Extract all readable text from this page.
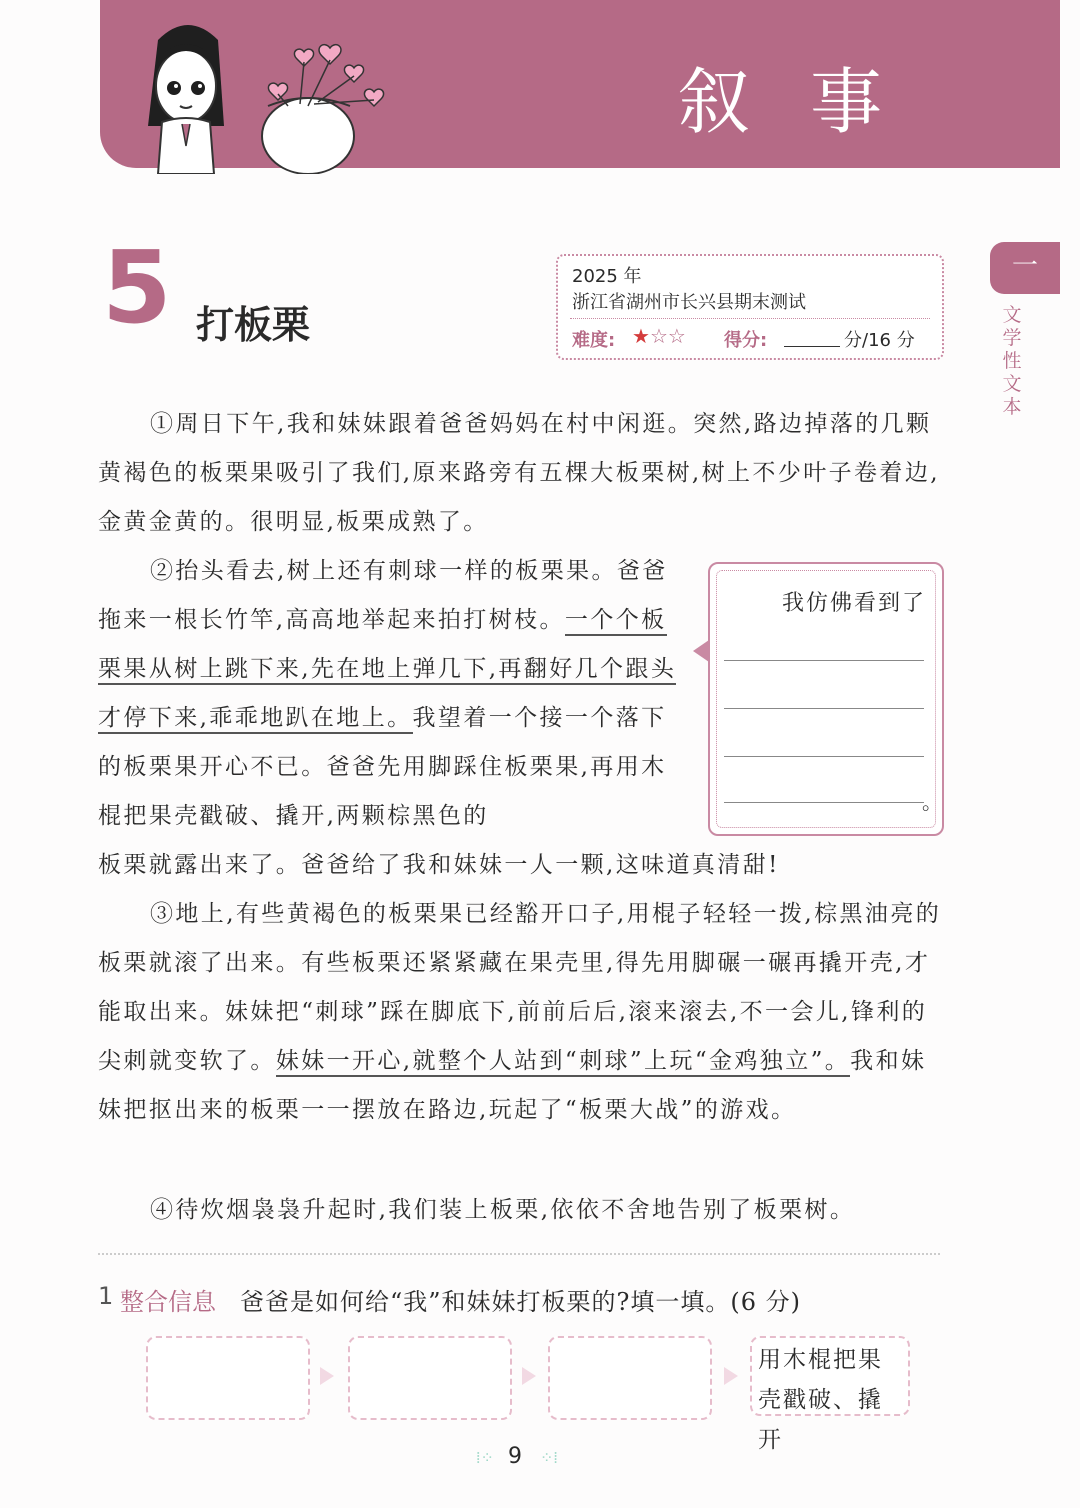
叙事
5 打板栗
2025 年
浙江省湖州市长兴县期末测试
难度: ★☆☆ 得分:	分/16 分
一
文学性文本
①周日下午,我和妹妹跟着爸爸妈妈在村中闲逛。突然,路边掉落的几颗黄褐色的板栗果吸引了我们,原来路旁有五棵大板栗树,树上不少叶子卷着边,金黄金黄的。很明显,板栗成熟了。
②抬头看去,树上还有刺球一样的板栗果。爸爸拖来一根长竹竿,高高地举起来拍打树枝。一个个板栗果从树上跳下来,先在地上弹几下,再翻好几个跟头才停下来,乖乖地趴在地上。我望着一个接一个落下的板栗果开心不已。爸爸先用脚踩住板栗果,再用木棍把果壳戳破、撬开,两颗棕黑色的
板栗就露出来了。爸爸给了我和妹妹一人一颗,这味道真清甜!
我仿佛看到了
。
③地上,有些黄褐色的板栗果已经豁开口子,用棍子轻轻一拨,棕黑油亮的板栗就滚了出来。有些板栗还紧紧藏在果壳里,得先用脚碾一碾再撬开壳,才能取出来。妹妹把“刺球”踩在脚底下,前前后后,滚来滚去,不一会儿,锋利的尖刺就变软了。妹妹一开心,就整个人站到“刺球”上玩“金鸡独立”。我和妹妹把抠出来的板栗一一摆放在路边,玩起了“板栗大战”的游戏。
④待炊烟袅袅升起时,我们装上板栗,依依不舍地告别了板栗树。
1 整合信息 爸爸是如何给“我”和妹妹打板栗的?填一填。(6 分)
用木棍把果壳戳破、撬开
⁞⁘ 9	⁘⁞
